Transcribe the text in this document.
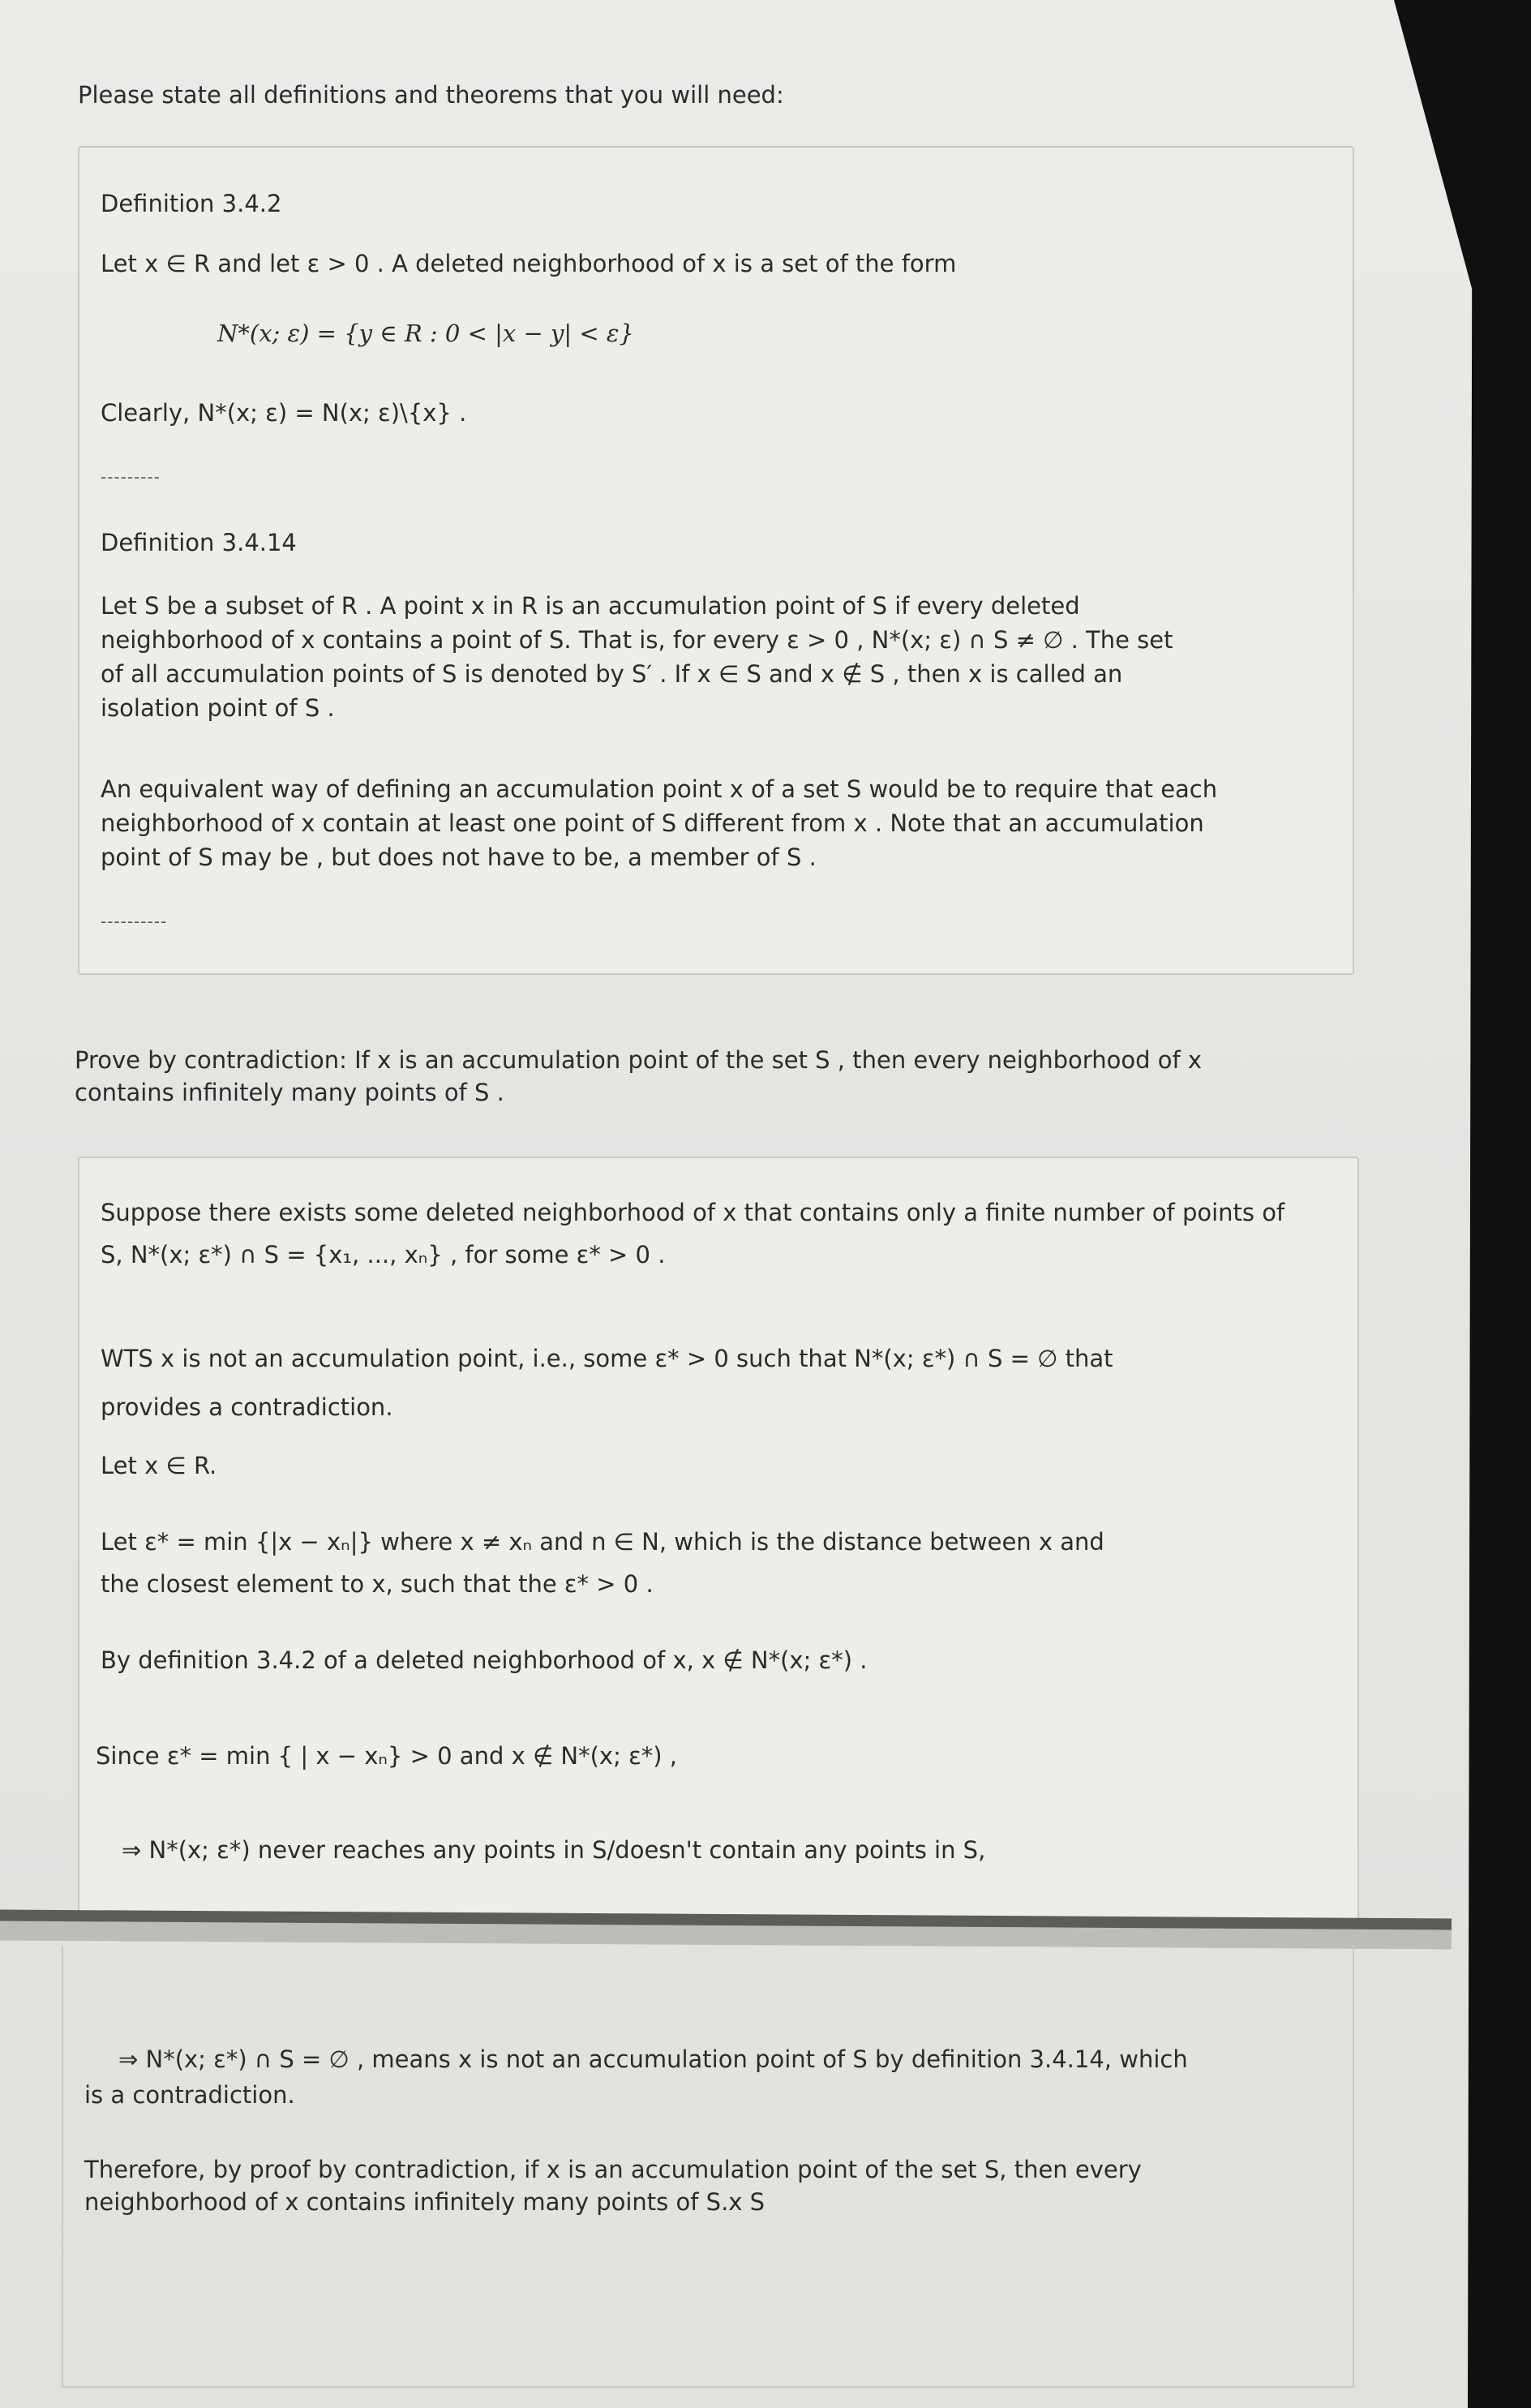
Please state all definitions and theorems that you will need:
Definition 3.4.2
Let x ∈ R and let ε > 0 . A deleted neighborhood of x is a set of the form
N*(x; ε) = {y ∈ R : 0 < |x − y| < ε}
Clearly, N*(x; ε) = N(x; ε)\{x} .
---------
Definition 3.4.14
Let S be a subset of R . A point x in R is an accumulation point of S if every deleted
neighborhood of x contains a point of S. That is, for every ε > 0 , N*(x; ε) ∩ S ≠ ∅ . The set
of all accumulation points of S is denoted by S′ . If x ∈ S and x ∉ S , then x is called an
isolation point of S .
An equivalent way of defining an accumulation point x of a set S would be to require that each
neighborhood of x contain at least one point of S different from x . Note that an accumulation
point of S may be , but does not have to be, a member of S .
----------
Prove by contradiction: If x is an accumulation point of the set S , then every neighborhood of x
contains infinitely many points of S .
Suppose there exists some deleted neighborhood of x that contains only a finite number of points of
S, N*(x; ε*) ∩ S = {x₁, ..., xₙ} , for some ε* > 0 .
WTS x is not an accumulation point, i.e., some ε* > 0 such that N*(x; ε*) ∩ S = ∅ that
provides a contradiction.
Let x ∈ R.
Let ε* = min {|x − xₙ|} where x ≠ xₙ and n ∈ N, which is the distance between x and
the closest element to x, such that the ε* > 0 .
By definition 3.4.2 of a deleted neighborhood of x, x ∉ N*(x; ε*) .
Since ε* = min { | x − xₙ} > 0 and x ∉ N*(x; ε*) ,
⇒ N*(x; ε*) never reaches any points in S/doesn't contain any points in S,
⇒ N*(x; ε*) ∩ S = ∅ , means x is not an accumulation point of S by definition 3.4.14, which
is a contradiction.
Therefore, by proof by contradiction, if x is an accumulation point of the set S, then every
neighborhood of x contains infinitely many points of S.x S
